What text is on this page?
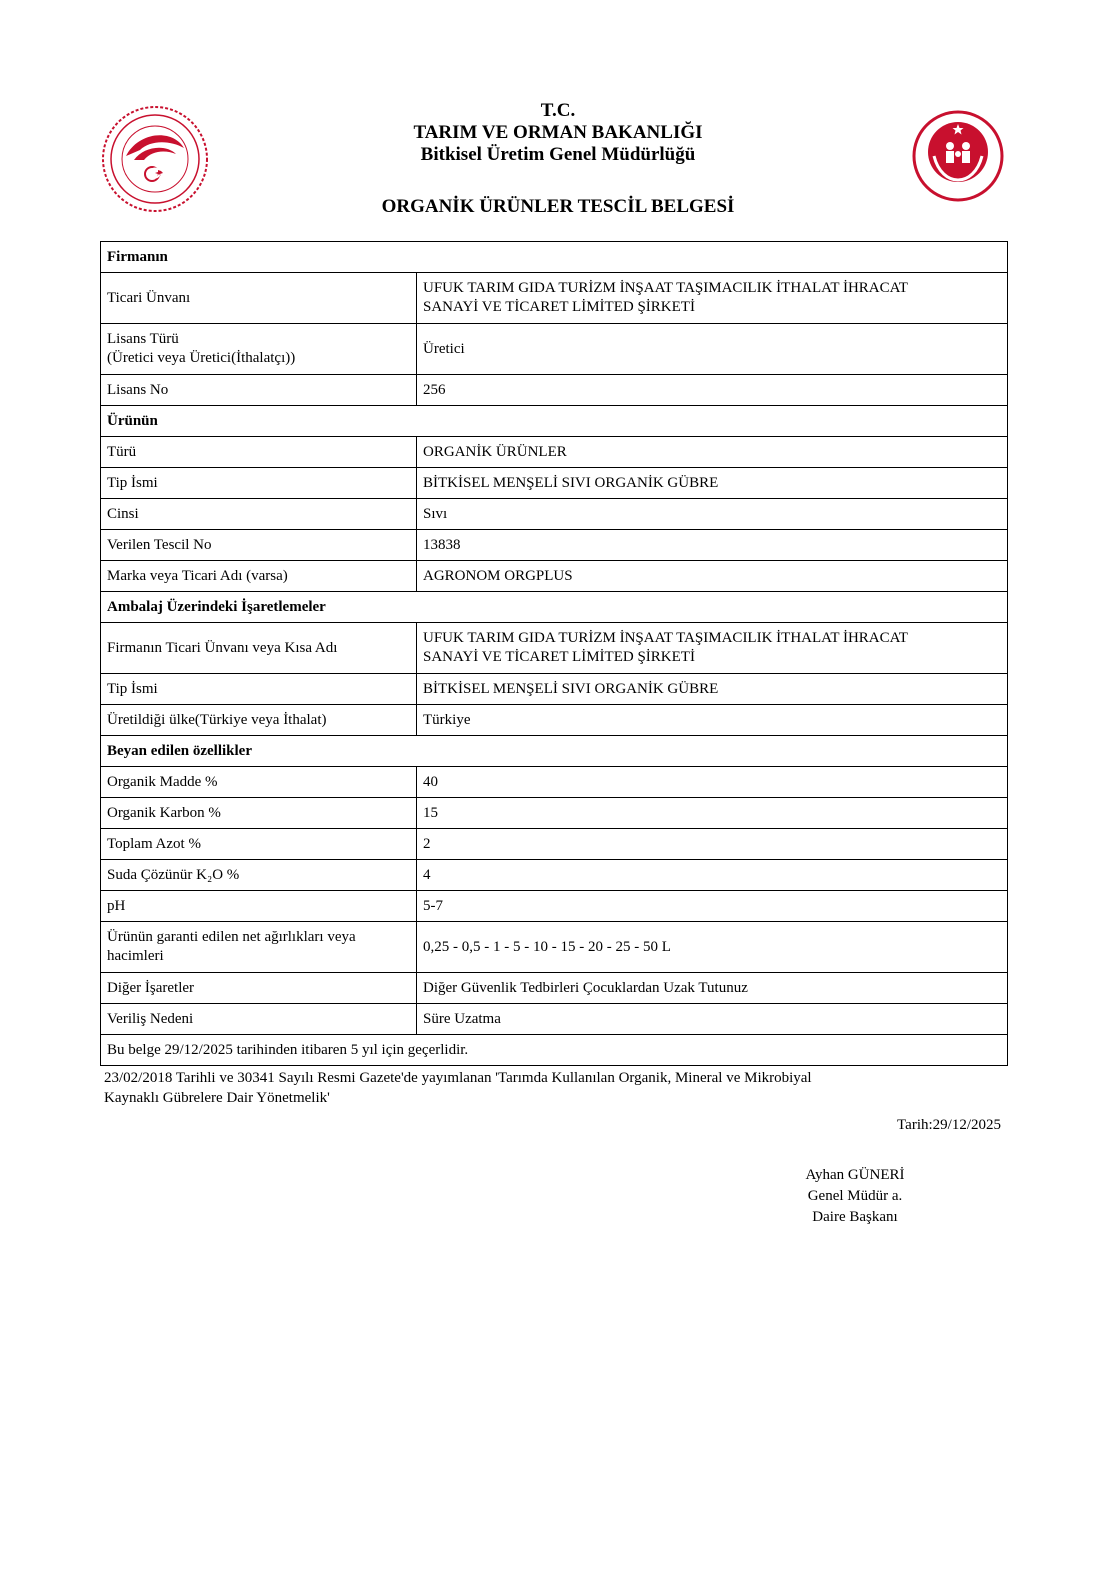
T.C.
TARIM VE ORMAN BAKANLIĞI
Bitkisel Üretim Genel Müdürlüğü
ORGANİK ÜRÜNLER TESCİL BELGESİ
Firmanın	
Ticari Ünvanı	UFUK TARIM GIDA TURİZM İNŞAAT TAŞIMACILIK İTHALAT İHRACAT
SANAYİ VE TİCARET LİMİTED ŞİRKETİ
Lisans Türü
(Üretici veya Üretici(İthalatçı))	Üretici
Lisans No	256
Ürünün	
Türü	ORGANİK ÜRÜNLER
Tip İsmi	BİTKİSEL MENŞELİ SIVI ORGANİK GÜBRE
Cinsi	Sıvı
Verilen Tescil No	13838
Marka veya Ticari Adı (varsa)	AGRONOM ORGPLUS
Ambalaj Üzerindeki İşaretlemeler	
Firmanın Ticari Ünvanı veya Kısa Adı	UFUK TARIM GIDA TURİZM İNŞAAT TAŞIMACILIK İTHALAT İHRACAT
SANAYİ VE TİCARET LİMİTED ŞİRKETİ
Tip İsmi	BİTKİSEL MENŞELİ SIVI ORGANİK GÜBRE
Üretildiği ülke(Türkiye veya İthalat)	Türkiye
Beyan edilen özellikler	
Organik Madde %	40
Organik Karbon %	15
Toplam Azot %	2
Suda Çözünür K₂O %	4
pH	5-7
Ürünün garanti edilen net ağırlıkları veya
hacimleri	0,25 - 0,5 - 1 - 5 - 10 - 15 - 20 - 25 - 50 L
Diğer İşaretler	Diğer Güvenlik Tedbirleri Çocuklardan Uzak Tutunuz
Veriliş Nedeni	Süre Uzatma
Bu belge 29/12/2025 tarihinden itibaren 5 yıl için geçerlidir.	
23/02/2018 Tarihli ve 30341 Sayılı Resmi Gazete'de yayımlanan 'Tarımda Kullanılan Organik, Mineral ve Mikrobiyal
Kaynaklı Gübrelere Dair Yönetmelik'
Tarih:29/12/2025
Ayhan GÜNERİ
Genel Müdür a.
Daire Başkanı
